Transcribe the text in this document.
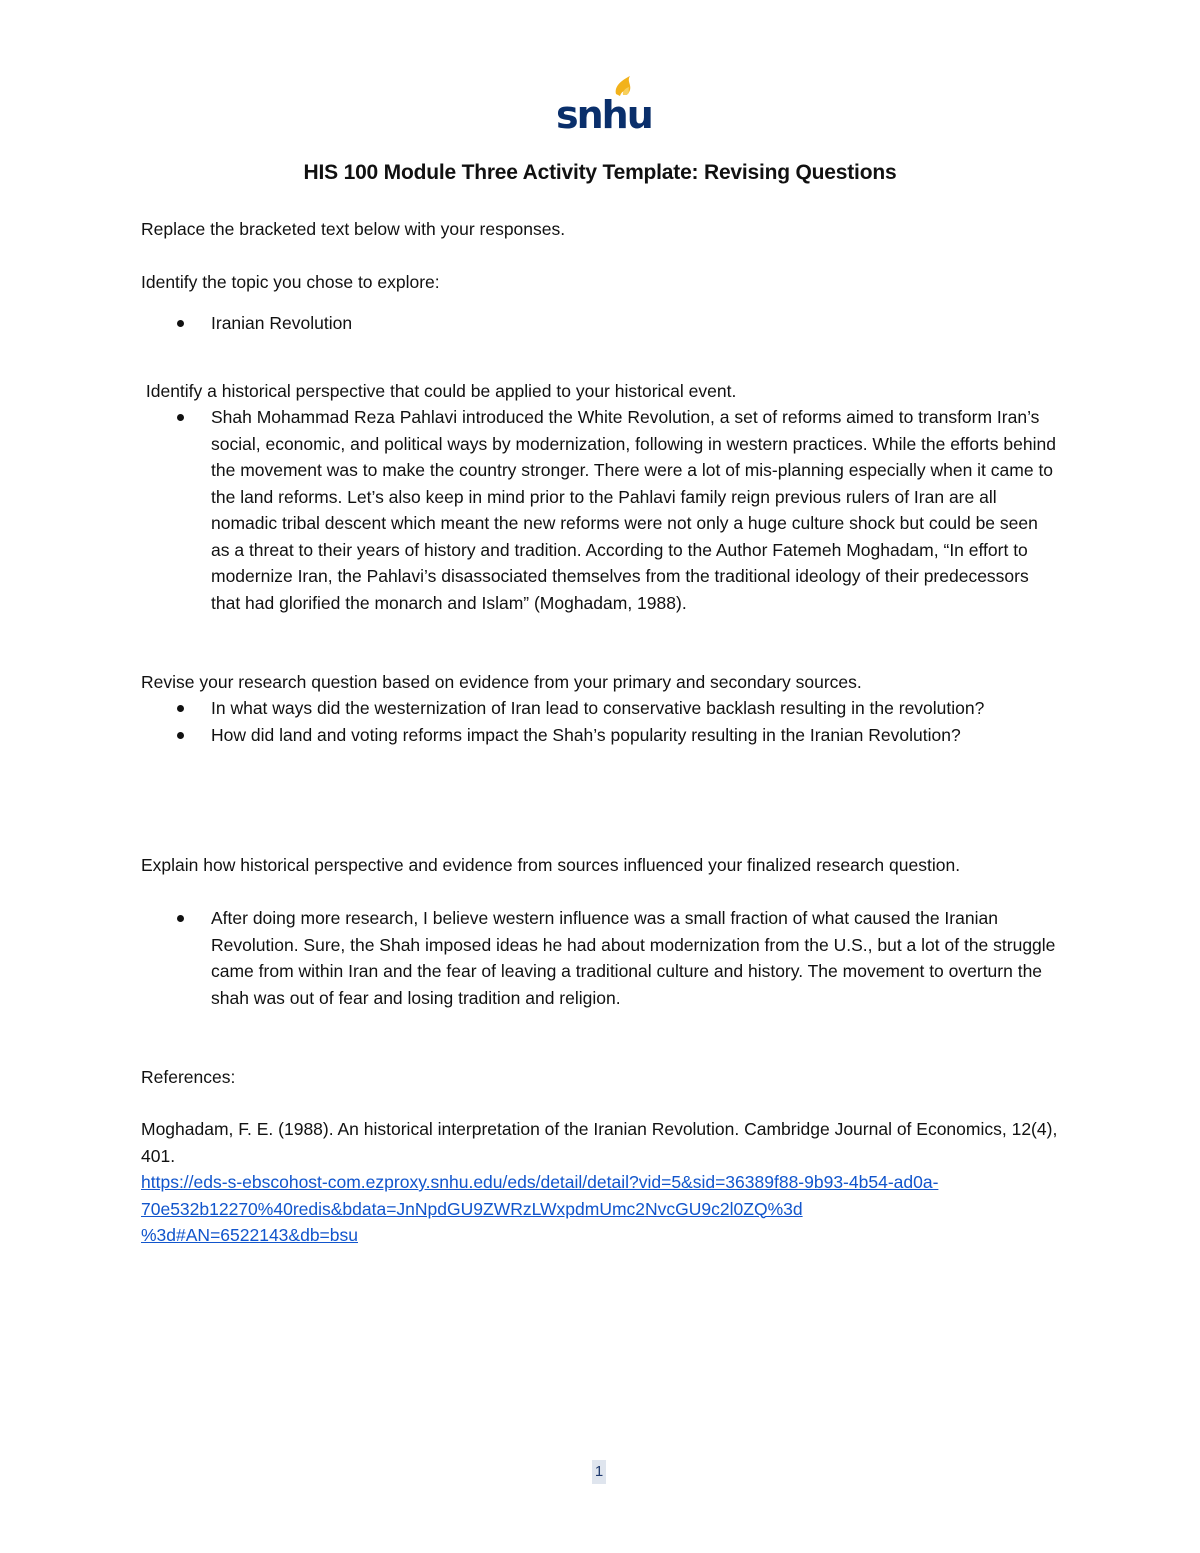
snhu
HIS 100 Module Three Activity Template: Revising Questions

Replace the bracketed text below with your responses.

Identify the topic you chose to explore:

Iranian Revolution

Identify a historical perspective that could be applied to your historical event.

Shah Mohammad Reza Pahlavi introduced the White Revolution, a set of reforms aimed to transform Iran’s social, economic, and political ways by modernization, following in western practices. While the efforts behind the movement was to make the country stronger. There were a lot of mis-planning especially when it came to the land reforms. Let’s also keep in mind prior to the Pahlavi family reign previous rulers of Iran are all nomadic tribal descent which meant the new reforms were not only a huge culture shock but could be seen as a threat to their years of history and tradition. According to the Author Fatemeh Moghadam, “In effort to modernize Iran, the Pahlavi’s disassociated themselves from the traditional ideology of their predecessors that had glorified the monarch and Islam” (Moghadam, 1988).

Revise your research question based on evidence from your primary and secondary sources.

In what ways did the westernization of Iran lead to conservative backlash resulting in the revolution?
How did land and voting reforms impact the Shah’s popularity resulting in the Iranian Revolution?

Explain how historical perspective and evidence from sources influenced your finalized research question.

After doing more research, I believe western influence was a small fraction of what caused the Iranian Revolution. Sure, the Shah imposed ideas he had about modernization from the U.S., but a lot of the struggle came from within Iran and the fear of leaving a traditional culture and history. The movement to overturn the shah was out of fear and losing tradition and religion.

References:

Moghadam, F. E. (1988). An historical interpretation of the Iranian Revolution. Cambridge Journal of Economics, 12(4), 401.
https://eds-s-ebscohost-com.ezproxy.snhu.edu/eds/detail/detail?vid=5&sid=36389f88-9b93-4b54-ad0a-
70e532b12270%40redis&bdata=JnNpdGU9ZWRzLWxpdmUmc2NvcGU9c2l0ZQ%3d
%3d#AN=6522143&db=bsu

1
